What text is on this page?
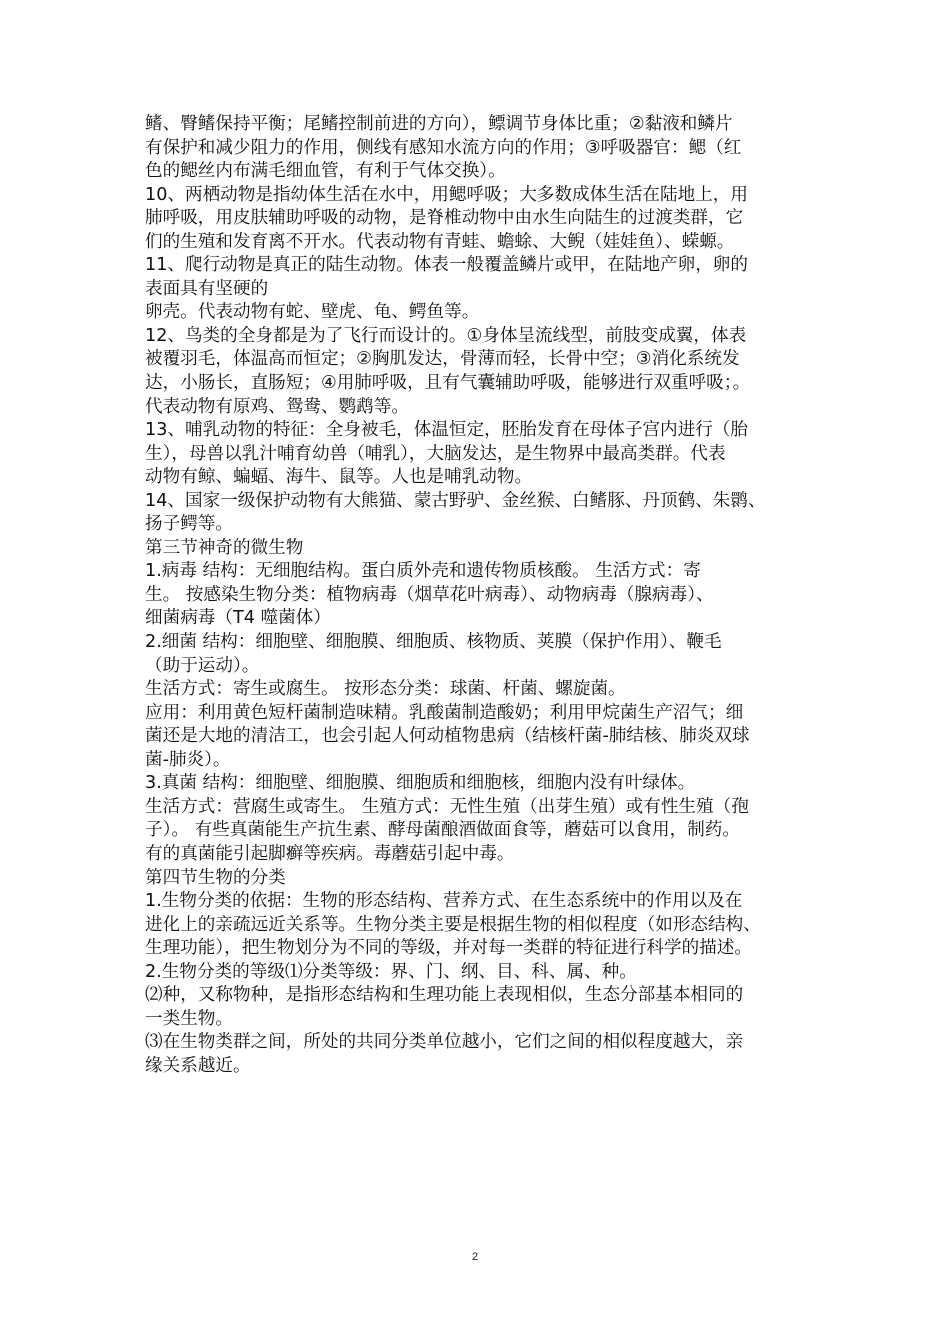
鳍、臀鳍保持平衡；尾鳍控制前进的方向），鳔调节身体比重；②黏液和鳞片
有保护和减少阻力的作用，侧线有感知水流方向的作用；③呼吸器官：鳃（红
色的鳃丝内布满毛细血管，有利于气体交换）。
10、两栖动物是指幼体生活在水中，用鳃呼吸；大多数成体生活在陆地上，用
肺呼吸，用皮肤辅助呼吸的动物，是脊椎动物中由水生向陆生的过渡类群，它
们的生殖和发育离不开水。代表动物有青蛙、蟾蜍、大鲵（娃娃鱼）、蝾螈。
11、爬行动物是真正的陆生动物。体表一般覆盖鳞片或甲，在陆地产卵，卵的
表面具有坚硬的
卵壳。代表动物有蛇、壁虎、龟、鳄鱼等。
12、鸟类的全身都是为了飞行而设计的。①身体呈流线型，前肢变成翼，体表
被覆羽毛，体温高而恒定；②胸肌发达，骨薄而轻，长骨中空；③消化系统发
达，小肠长，直肠短；④用肺呼吸，且有气囊辅助呼吸，能够进行双重呼吸；。
代表动物有原鸡、鸳鸯、鹦鹉等。
13、哺乳动物的特征：全身被毛，体温恒定，胚胎发育在母体子宫内进行（胎
生），母兽以乳汁哺育幼兽（哺乳），大脑发达，是生物界中最高类群。代表
动物有鲸、蝙蝠、海牛、鼠等。人也是哺乳动物。
14、国家一级保护动物有大熊猫、蒙古野驴、金丝猴、白鳍豚、丹顶鹤、朱鹮、
扬子鳄等。
第三节神奇的微生物
1.病毒 结构：无细胞结构。蛋白质外壳和遗传物质核酸。 生活方式：寄
生。 按感染生物分类：植物病毒（烟草花叶病毒）、动物病毒（腺病毒）、
细菌病毒（T4 噬菌体）
2.细菌 结构：细胞壁、细胞膜、细胞质、核物质、荚膜（保护作用）、鞭毛
（助于运动）。
生活方式：寄生或腐生。 按形态分类：球菌、杆菌、螺旋菌。
应用：利用黄色短杆菌制造味精。乳酸菌制造酸奶；利用甲烷菌生产沼气；细
菌还是大地的清洁工，也会引起人何动植物患病（结核杆菌-肺结核、肺炎双球
菌-肺炎）。
3.真菌 结构：细胞壁、细胞膜、细胞质和细胞核，细胞内没有叶绿体。
生活方式：营腐生或寄生。 生殖方式：无性生殖（出芽生殖）或有性生殖（孢
子）。 有些真菌能生产抗生素、酵母菌酿酒做面食等，蘑菇可以食用，制药。
有的真菌能引起脚癣等疾病。毒蘑菇引起中毒。
第四节生物的分类
1.生物分类的依据：生物的形态结构、营养方式、在生态系统中的作用以及在
进化上的亲疏远近关系等。生物分类主要是根据生物的相似程度（如形态结构、
生理功能），把生物划分为不同的等级，并对每一类群的特征进行科学的描述。
2.生物分类的等级⑴分类等级：界、门、纲、目、科、属、种。
⑵种，又称物种，是指形态结构和生理功能上表现相似，生态分部基本相同的
一类生物。
⑶在生物类群之间，所处的共同分类单位越小，它们之间的相似程度越大，亲
缘关系越近。
2
